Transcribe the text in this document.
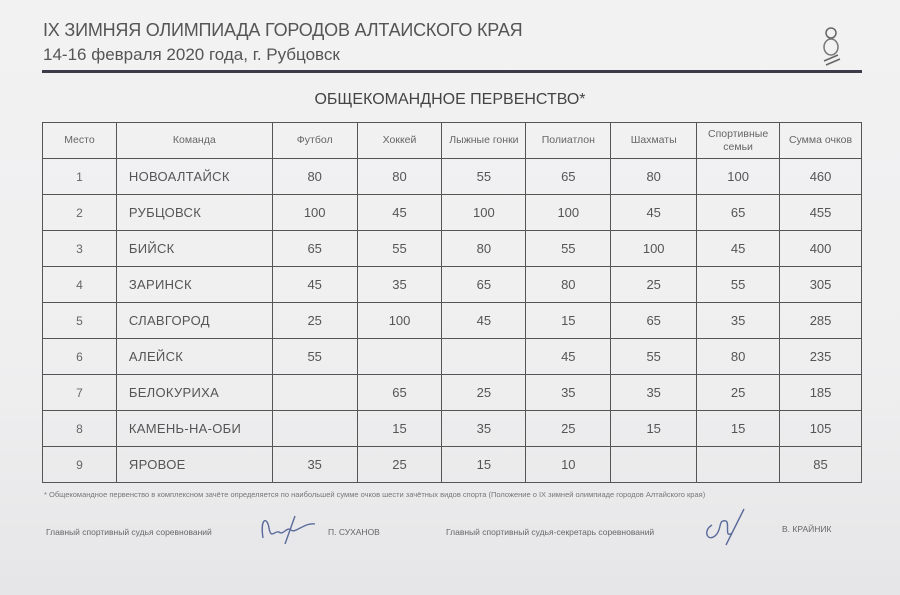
IX ЗИМНЯЯ ОЛИМПИАДА ГОРОДОВ АЛТАИСКОГО КРАЯ
14-16 февраля 2020 года, г. Рубцовск
ОБЩЕКОМАНДНОЕ ПЕРВЕНСТВО*
Место	Команда	Футбол	Хоккей	Лыжные гонки	Полиатлон	Шахматы	Спортивные семьи	Сумма очков
1	НОВОАЛТАЙСК	80	80	55	65	80	100	460
2	РУБЦОВСК	100	45	100	100	45	65	455
3	БИЙСК	65	55	80	55	100	45	400
4	ЗАРИНСК	45	35	65	80	25	55	305
5	СЛАВГОРОД	25	100	45	15	65	35	285
6	АЛЕЙСК	55			45	55	80	235
7	БЕЛОКУРИХА		65	25	35	35	25	185
8	КАМЕНЬ-НА-ОБИ		15	35	25	15	15	105
9	ЯРОВОЕ	35	25	15	10			85
* Общекомандное первенство в комплексном зачёте определяется по наибольшей сумме очков шести зачётных видов спорта (Положение о IX зимней олимпиаде городов Алтайского края)
Главный спортивный судья соревнований	П. СУХАНОВ	Главный спортивный судья-секретарь соревнований	В. КРАЙНИК
